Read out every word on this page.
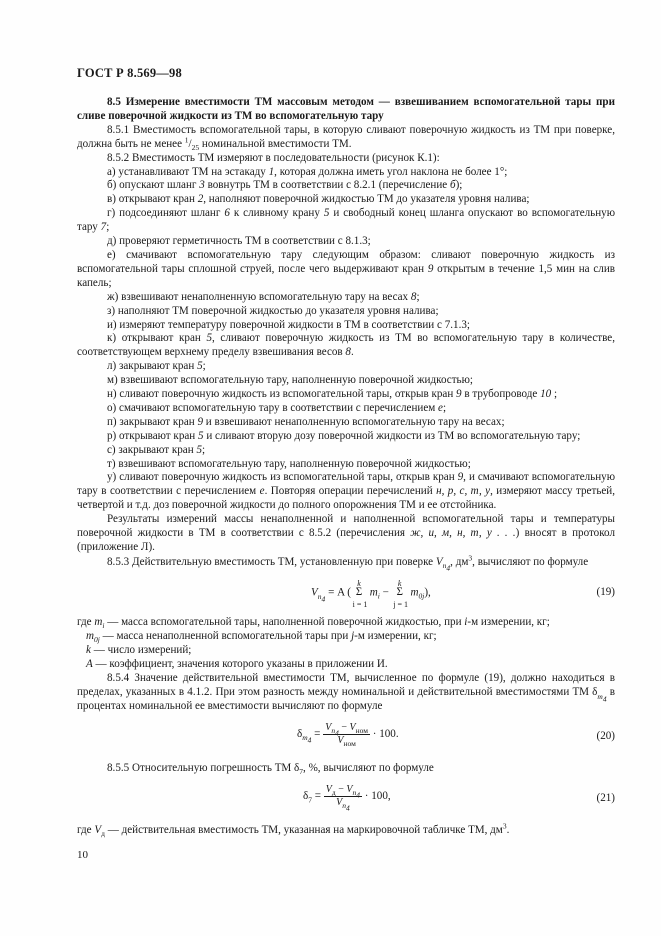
ГОСТ Р 8.569—98

8.5 Измерение вместимости ТМ массовым методом — взвешиванием вспомогательной тары при сливе поверочной жидкости из ТМ во вспомогательную тару

8.5.1 Вместимость вспомогательной тары, в которую сливают поверочную жидкость из ТМ при поверке, должна быть не менее $^1/_{25}$ номинальной вместимости ТМ.

8.5.2 Вместимость ТМ измеряют в последовательности (рисунок К.1):

а) устанавливают ТМ на эстакаду 1, которая должна иметь угол наклона не более 1°;

б) опускают шланг 3 вовнутрь ТМ в соответствии с 8.2.1 (перечисление б);

в) открывают кран 2, наполняют поверочной жидкостью ТМ до указателя уровня налива;

г) подсоединяют шланг 6 к сливному крану 5 и свободный конец шланга опускают во вспомогательную тару 7;

д) проверяют герметичность ТМ в соответствии с 8.1.3;

е) смачивают вспомогательную тару следующим образом: сливают поверочную жидкость из вспомогательной тары сплошной струей, после чего выдерживают кран 9 открытым в течение 1,5 мин на слив капель;

ж) взвешивают ненаполненную вспомогательную тару на весах 8;

з) наполняют ТМ поверочной жидкостью до указателя уровня налива;

и) измеряют температуру поверочной жидкости в ТМ в соответствии с 7.1.3;

к) открывают кран 5, сливают поверочную жидкость из ТМ во вспомогательную тару в количестве, соответствующем верхнему пределу взвешивания весов 8.

л) закрывают кран 5;

м) взвешивают вспомогательную тару, наполненную поверочной жидкостью;

н) сливают поверочную жидкость из вспомогательной тары, открыв кран 9 в трубопроводе 10 ;

о) смачивают вспомогательную тару в соответствии с перечислением е;

п) закрывают кран 9 и взвешивают ненаполненную вспомогательную тару на весах;

р) открывают кран 5 и сливают вторую дозу поверочной жидкости из ТМ во вспомогательную тару;

с) закрывают кран 5;

т) взвешивают вспомогательную тару, наполненную поверочной жидкостью;

у) сливают поверочную жидкость из вспомогательной тары, открыв кран 9, и смачивают вспомогательную тару в соответствии с перечислением е. Повторяя операции перечислений н, р, с, т, у, измеряют массу третьей, четвертой и т.д. доз поверочной жидкости до полного опорожнения ТМ и ее отстойника.

Результаты измерений массы ненаполненной и наполненной вспомогательной тары и температуры поверочной жидкости в ТМ в соответствии с 8.5.2 (перечисления ж, и, м, н, т, у . . .) вносят в протокол (приложение Л).

8.5.3 Действительную вместимость ТМ, установленную при поверке $V_{п_4}$, $дм^3$, вычисляют по формуле

$V_{п_4} = A$ (
k
Σ
i = 1
$m_i$ −
k
Σ
j = 1
$m_{0j}$),	(19)

где $m_i$ — масса вспомогательной тары, наполненной поверочной жидкостью, при i-м измерении, кг;

$m_{0j}$ — масса ненаполненной вспомогательной тары при j-м измерении, кг;

k — число измерений;

A — коэффициент, значения которого указаны в приложении И.

8.5.4 Значение действительной вместимости ТМ, вычисленное по формуле (19), должно находиться в пределах, указанных в 4.1.2. При этом разность между номинальной и действительной вместимостями ТМ $\delta_{т_4}$ в процентах номинальной ее вместимости вычисляют по формуле

$\delta_{т_4} = \frac{V_{п_4} - V_{ном}}{V_{ном}} \cdot 100$.	(20)

8.5.5 Относительную погрешность ТМ $\delta_7$, %, вычисляют по формуле

$\delta_7 = \frac{V_д - V_{п_4}}{V_{п_4}} \cdot 100$,	(21)

где $V_д$ — действительная вместимость ТМ, указанная на маркировочной табличке ТМ, $дм^3$.

10
